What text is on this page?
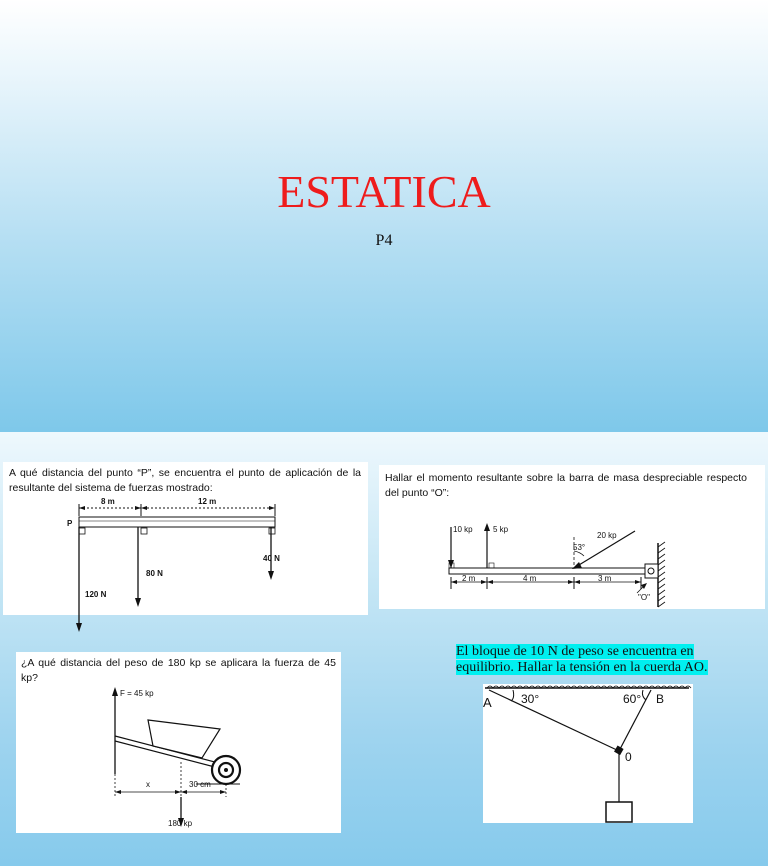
ESTATICA
P4
A qué distancia del punto “P”, se encuentra el punto de aplicación de la resultante del sistema de fuerzas mostrado:
P
8 m	12 m
120 N
80 N
40 N
Hallar el momento resultante sobre la barra de masa despreciable respecto del punto “O”:
10 kp	5 kp
20 kp
53°
2 m	4 m	3 m
"O"
¿A qué distancia del peso de 180 kp se aplicara la fuerza de 45 kp?
F = 45 kp
x	30 cm
180 kp
El bloque de 10 N de peso se encuentra en
equilibrio. Hallar la tensión en la cuerda AO.
A 30°	60° B
0
